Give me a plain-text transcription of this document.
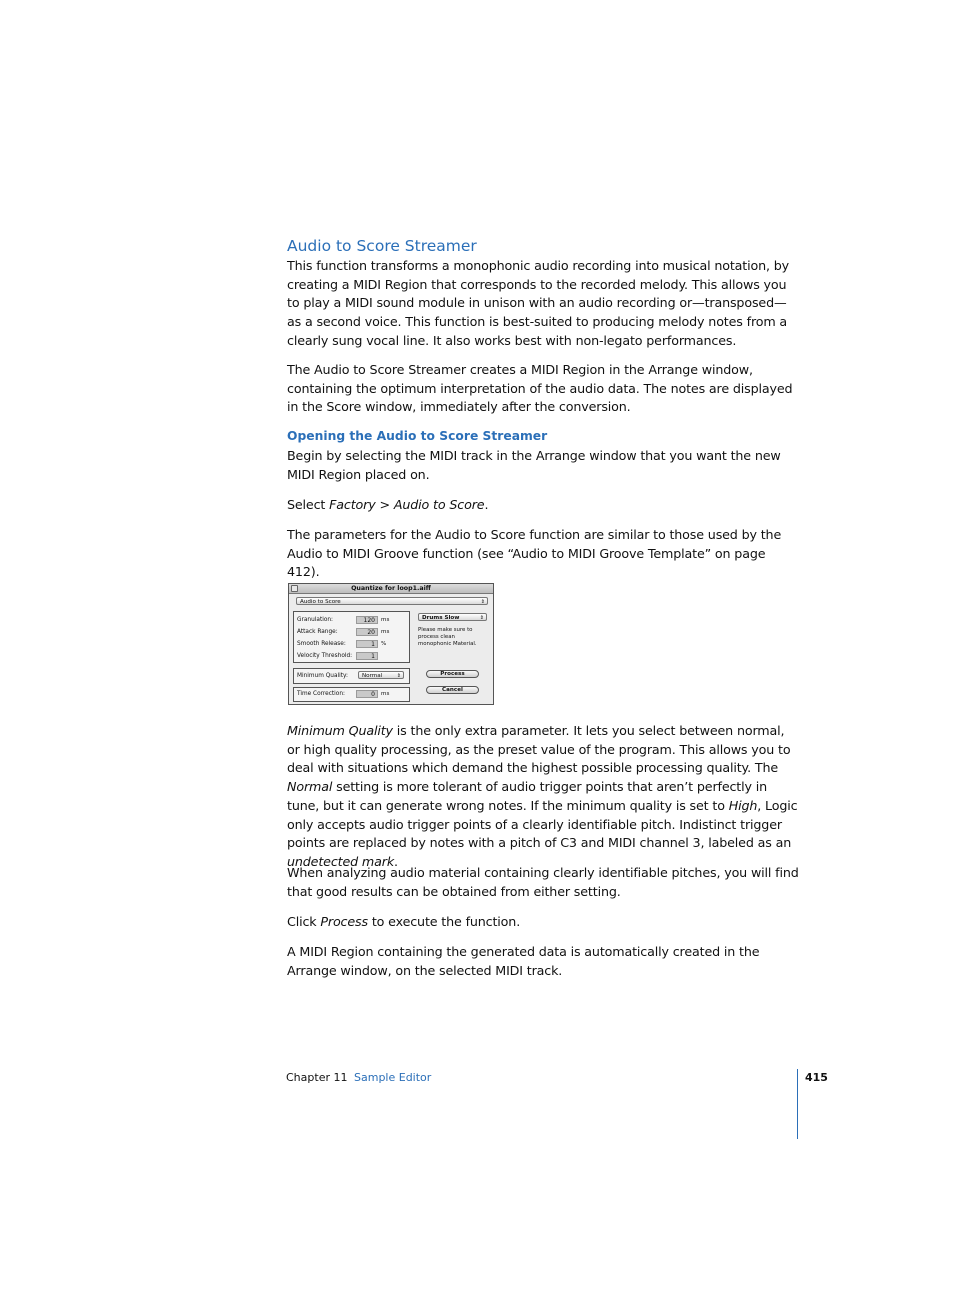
Audio to Score Streamer

This function transforms a monophonic audio recording into musical notation, by creating a MIDI Region that corresponds to the recorded melody. This allows you to play a MIDI sound module in unison with an audio recording or—transposed— as a second voice. This function is best-suited to producing melody notes from a clearly sung vocal line. It also works best with non-legato performances.

The Audio to Score Streamer creates a MIDI Region in the Arrange window, containing the optimum interpretation of the audio data. The notes are displayed in the Score window, immediately after the conversion.

Opening the Audio to Score Streamer

Begin by selecting the MIDI track in the Arrange window that you want the new MIDI Region placed on.

Select Factory > Audio to Score.

The parameters for the Audio to Score function are similar to those used by the Audio to MIDI Groove function (see “Audio to MIDI Groove Template” on page 412).

Quantize for loop1.aiff
Audio to Score	⇕
Granulation:	120	ms
Attack Range:	20	ms
Smooth Release:	1	%
Velocity Threshold:	1
Drums Slow	⇕
Please make sure to process clean monophonic Material.
Minimum Quality:	Normal	⇕
Time Correction:	0	ms
Process
Cancel

Minimum Quality is the only extra parameter. It lets you select between normal, or high quality processing, as the preset value of the program. This allows you to deal with situations which demand the highest possible processing quality. The Normal setting is more tolerant of audio trigger points that aren’t perfectly in tune, but it can generate wrong notes. If the minimum quality is set to High, Logic only accepts audio trigger points of a clearly identifiable pitch. Indistinct trigger points are replaced by notes with a pitch of C3 and MIDI channel 3, labeled as an undetected mark.

When analyzing audio material containing clearly identifiable pitches, you will find that good results can be obtained from either setting.

Click Process to execute the function.

A MIDI Region containing the generated data is automatically created in the Arrange window, on the selected MIDI track.

Chapter 11 Sample Editor	415
